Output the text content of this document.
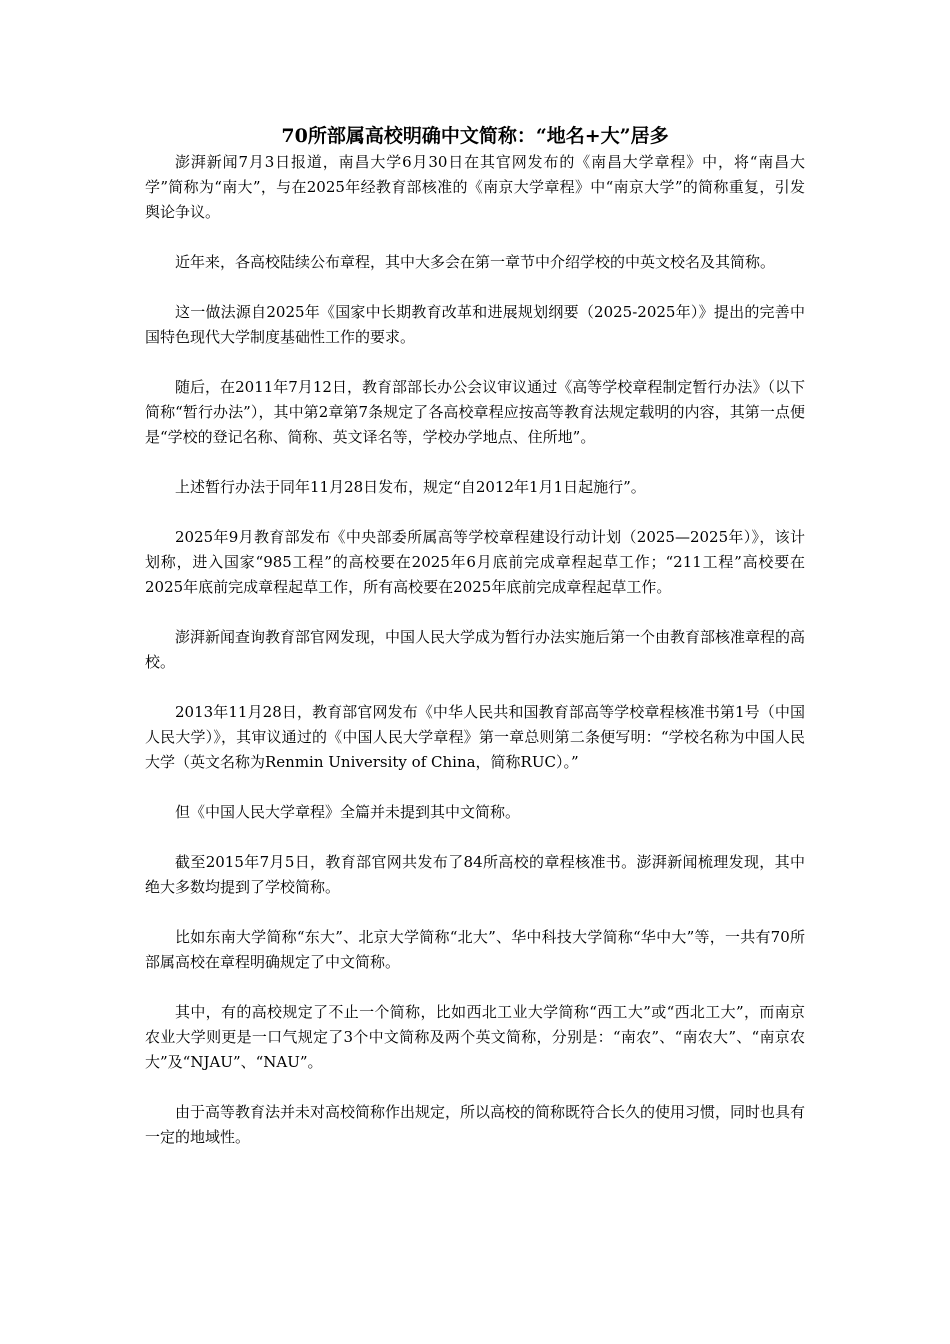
70所部属高校明确中文简称：“地名+大”居多

澎湃新闻7月3日报道，南昌大学6月30日在其官网发布的《南昌大学章程》中，将“南昌大学”简称为“南大”，与在2025年经教育部核准的《南京大学章程》中“南京大学”的简称重复，引发舆论争议。

近年来，各高校陆续公布章程，其中大多会在第一章节中介绍学校的中英文校名及其简称。

这一做法源自2025年《国家中长期教育改革和进展规划纲要（2025-2025年）》提出的完善中国特色现代大学制度基础性工作的要求。

随后，在2011年7月12日，教育部部长办公会议审议通过《高等学校章程制定暂行办法》（以下简称“暂行办法”），其中第2章第7条规定了各高校章程应按高等教育法规定载明的内容，其第一点便是“学校的登记名称、简称、英文译名等，学校办学地点、住所地”。

上述暂行办法于同年11月28日发布，规定“自2012年1月1日起施行”。

2025年9月教育部发布《中央部委所属高等学校章程建设行动计划（2025—2025年）》，该计划称，进入国家“985工程”的高校要在2025年6月底前完成章程起草工作；“211工程”高校要在2025年底前完成章程起草工作，所有高校要在2025年底前完成章程起草工作。

澎湃新闻查询教育部官网发现，中国人民大学成为暂行办法实施后第一个由教育部核准章程的高校。

2013年11月28日，教育部官网发布《中华人民共和国教育部高等学校章程核准书第1号（中国人民大学）》，其审议通过的《中国人民大学章程》第一章总则第二条便写明：“学校名称为中国人民大学（英文名称为Renmin University of China，简称RUC）。”

但《中国人民大学章程》全篇并未提到其中文简称。

截至2015年7月5日，教育部官网共发布了84所高校的章程核准书。澎湃新闻梳理发现，其中绝大多数均提到了学校简称。

比如东南大学简称“东大”、北京大学简称“北大”、华中科技大学简称“华中大”等，一共有70所部属高校在章程明确规定了中文简称。

其中，有的高校规定了不止一个简称，比如西北工业大学简称“西工大”或“西北工大”，而南京农业大学则更是一口气规定了3个中文简称及两个英文简称，分别是：“南农”、“南农大”、“南京农大”及“NJAU”、“NAU”。

由于高等教育法并未对高校简称作出规定，所以高校的简称既符合长久的使用习惯，同时也具有一定的地域性。
